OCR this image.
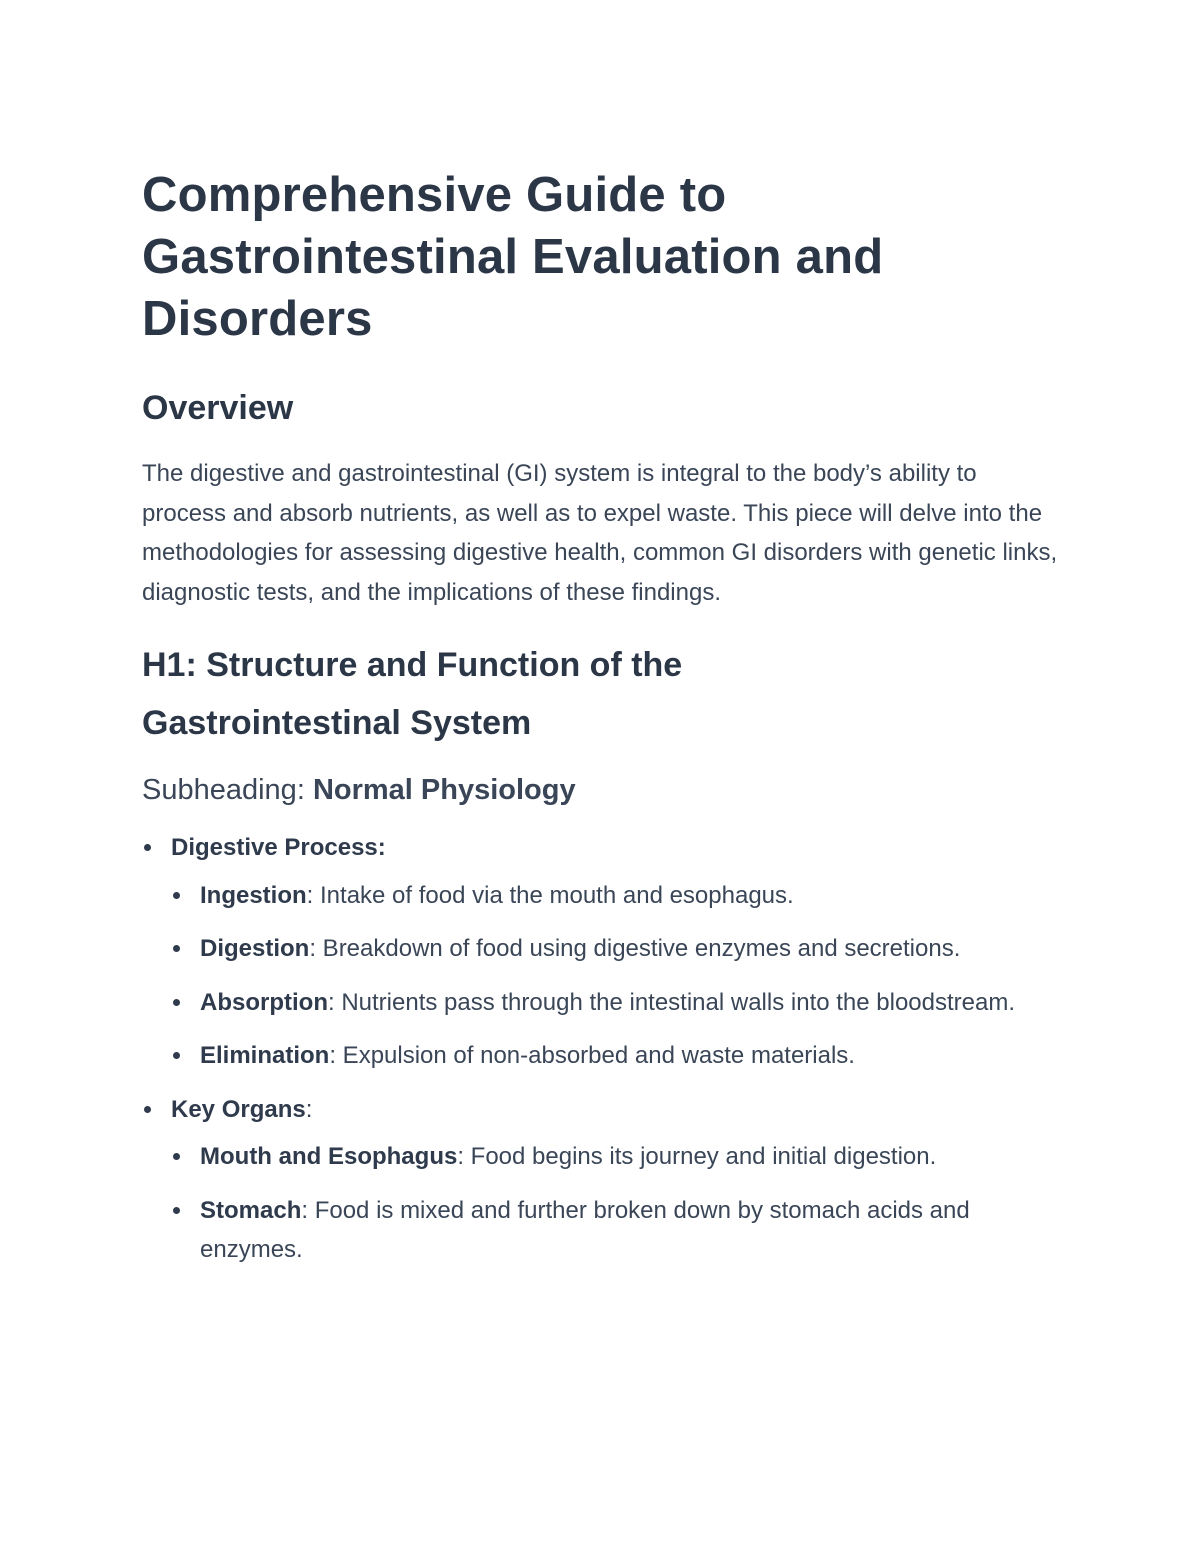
Comprehensive Guide to
Gastrointestinal Evaluation and
Disorders
Overview

The digestive and gastrointestinal (GI) system is integral to the body’s ability to process and absorb nutrients, as well as to expel waste. This piece will delve into the methodologies for assessing digestive health, common GI disorders with genetic links, diagnostic tests, and the implications of these findings.

H1: Structure and Function of the
Gastrointestinal System
Subheading: Normal Physiology
Digestive Process:
Ingestion: Intake of food via the mouth and esophagus.
Digestion: Breakdown of food using digestive enzymes and secretions.
Absorption: Nutrients pass through the intestinal walls into the bloodstream.
Elimination: Expulsion of non-absorbed and waste materials.
Key Organs:
Mouth and Esophagus: Food begins its journey and initial digestion.
Stomach: Food is mixed and further broken down by stomach acids and enzymes.
